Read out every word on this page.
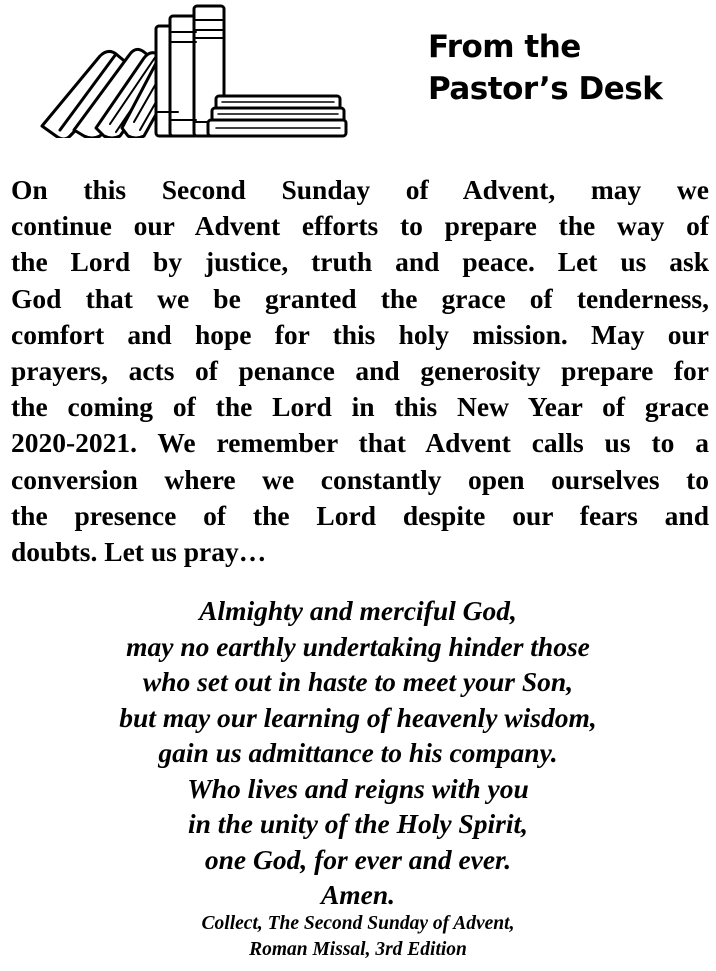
From the
Pastor’s Desk
On this Second Sunday of Advent, may we
continue our Advent efforts to prepare the way of
the Lord by justice, truth and peace. Let us ask
God that we be granted the grace of tenderness,
comfort and hope for this holy mission. May our
prayers, acts of penance and generosity prepare for
the coming of the Lord in this New Year of grace
2020-2021. We remember that Advent calls us to a
conversion where we constantly open ourselves to
the presence of the Lord despite our fears and
doubts. Let us pray…
Almighty and merciful God,
may no earthly undertaking hinder those
who set out in haste to meet your Son,
but may our learning of heavenly wisdom,
gain us admittance to his company.
Who lives and reigns with you
in the unity of the Holy Spirit,
one God, for ever and ever.
Amen.
Collect, The Second Sunday of Advent,
Roman Missal, 3rd Edition
